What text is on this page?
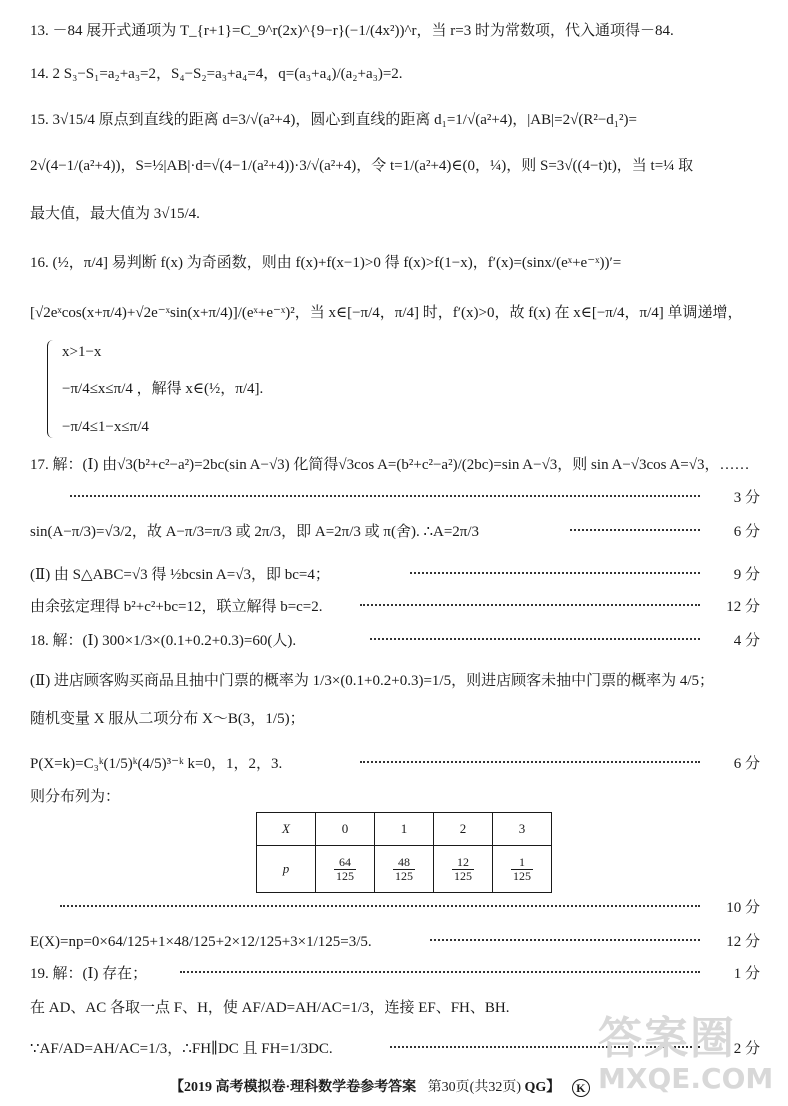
13. －84 展开式通项为 T_{r+1}=C_9^r(2x)^{9−r}(−1/(4x²))^r，当 r=3 时为常数项，代入通项得－84.
14. 2 S₃−S₁=a₂+a₃=2，S₄−S₂=a₃+a₄=4，q=(a₃+a₄)/(a₂+a₃)=2.
15. 3√15/4 原点到直线的距离 d=3/√(a²+4)，圆心到直线的距离 d₁=1/√(a²+4)，|AB|=2√(R²−d₁²)=
2√(4−1/(a²+4))，S=½|AB|·d=√(4−1/(a²+4))·3/√(a²+4)，令 t=1/(a²+4)∈(0，¼)，则 S=3√((4−t)t)，当 t=¼ 取
最大值，最大值为 3√15/4.
16. (½，π/4] 易判断 f(x) 为奇函数，则由 f(x)+f(x−1)>0 得 f(x)>f(1−x)，f′(x)=(sinx/(eˣ+e⁻ˣ))′=
[√2eˣcos(x+π/4)+√2e⁻ˣsin(x+π/4)]/(eˣ+e⁻ˣ)²，当 x∈[−π/4，π/4] 时，f′(x)>0，故 f(x) 在 x∈[−π/4，π/4] 单调递增，
x>1−x
−π/4≤x≤π/4 ，解得 x∈(½，π/4].
−π/4≤1−x≤π/4
17. 解：(Ⅰ) 由√3(b²+c²−a²)=2bc(sin A−√3) 化简得√3cos A=(b²+c²−a²)/(2bc)=sin A−√3，则 sin A−√3cos A=√3，……
3 分
sin(A−π/3)=√3/2，故 A−π/3=π/3 或 2π/3，即 A=2π/3 或 π(舍). ∴A=2π/3	6 分
(Ⅱ) 由 S△ABC=√3 得 ½bcsin A=√3，即 bc=4；	9 分
由余弦定理得 b²+c²+bc=12，联立解得 b=c=2.	12 分
18. 解：(Ⅰ) 300×1/3×(0.1+0.2+0.3)=60(人).	4 分
(Ⅱ) 进店顾客购买商品且抽中门票的概率为 1/3×(0.1+0.2+0.3)=1/5，则进店顾客未抽中门票的概率为 4/5；
随机变量 X 服从二项分布 X～B(3，1/5)；
P(X=k)=C₃ᵏ(1/5)ᵏ(4/5)³⁻ᵏ k=0，1，2，3.	6 分
则分布列为：
X	0	1	2	3
p	$\frac{64}{125}$	$\frac{48}{125}$	$\frac{12}{125}$	$\frac{1}{125}$
10 分
E(X)=np=0×64/125+1×48/125+2×12/125+3×1/125=3/5.	12 分
19. 解：(Ⅰ) 存在；	1 分
在 AD、AC 各取一点 F、H，使 AF/AD=AH/AC=1/3，连接 EF、FH、BH.
∵AF/AD=AH/AC=1/3，∴FH∥DC 且 FH=1/3DC.	2 分
答案圈
MXQE.COM
【2019 高考模拟卷·理科数学卷参考答案 第30页(共32页) QG】 K
